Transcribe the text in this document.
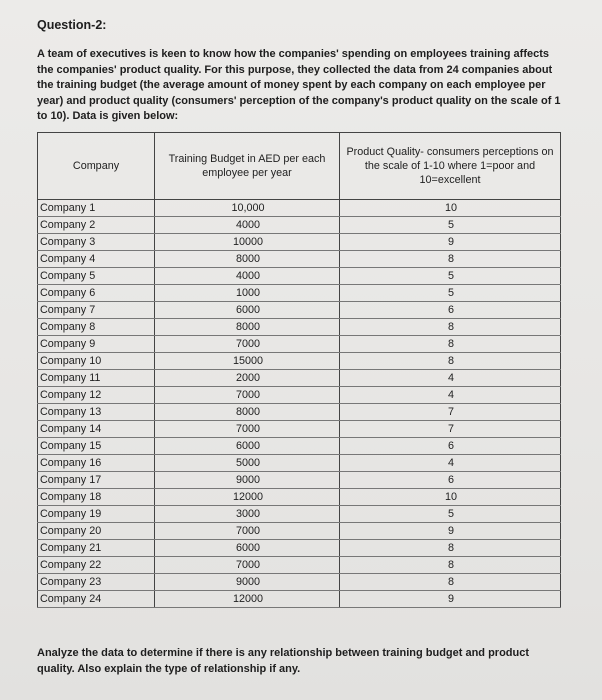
Question-2:
A team of executives is keen to know how the companies' spending on employees training affects the companies' product quality. For this purpose, they collected the data from 24 companies about the training budget (the average amount of money spent by each company on each employee per year) and product quality (consumers' perception of the company's product quality on the scale of 1 to 10). Data is given below:
Company	Training Budget in AED per each employee per year	Product Quality- consumers perceptions on the scale of 1-10 where 1=poor and 10=excellent
Company 1	10,000	10
Company 2	4000	5
Company 3	10000	9
Company 4	8000	8
Company 5	4000	5
Company 6	1000	5
Company 7	6000	6
Company 8	8000	8
Company 9	7000	8
Company 10	15000	8
Company 11	2000	4
Company 12	7000	4
Company 13	8000	7
Company 14	7000	7
Company 15	6000	6
Company 16	5000	4
Company 17	9000	6
Company 18	12000	10
Company 19	3000	5
Company 20	7000	9
Company 21	6000	8
Company 22	7000	8
Company 23	9000	8
Company 24	12000	9
Analyze the data to determine if there is any relationship between training budget and product quality. Also explain the type of relationship if any.
